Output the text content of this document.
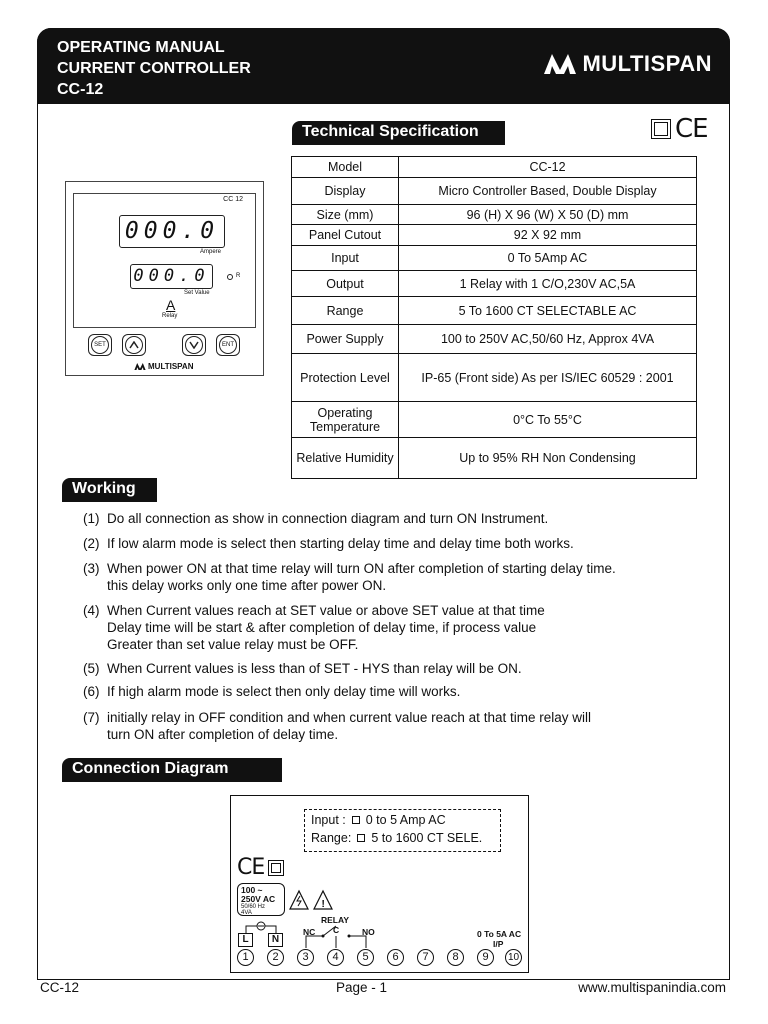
OPERATING MANUAL
CURRENT CONTROLLER
CC-12
MULTISPAN
Technical Specification	CE
Model	CC-12
Display	Micro Controller Based, Double Display
Size (mm)	96 (H) X 96 (W) X 50 (D) mm
Panel Cutout	92 X 92 mm
Input	0 To 5Amp AC
Output	1 Relay with 1 C/O,230V AC,5A
Range	5 To 1600 CT SELECTABLE AC
Power Supply	100 to 250V AC,50/60 Hz, Approx 4VA
Protection Level	IP-65 (Front side) As per IS/IEC 60529 : 2001
Operating Temperature	0°C To 55°C
Relative Humidity	Up to 95% RH Non Condensing
CC 12
000.0
Ampere
000.0
Set Value
R
A
Relay
SET	ENT
MULTISPAN
Working
(1) Do all connection as show in connection diagram and turn ON Instrument.
(2) If low alarm mode is select then starting delay time and delay time both works.
(3) When power ON at that time relay will turn ON after completion of starting delay time.
this delay works only one time after power ON.
(4) When Current values reach at SET value or above SET value at that time
Delay time will be start & after completion of delay time, if process value
Greater than set value relay must be OFF.
(5) When Current values is less than of SET - HYS than relay will be ON.
(6) If high alarm mode is select then only delay time will works.
(7) initially relay in OFF condition and when current value reach at that time relay will
turn ON after completion of delay time.
Connection Diagram
Input : 0 to 5 Amp AC
Range: 5 to 1600 CT SELE.
CE
100 ~
250V AC
50/60 Hz
4VA
!
RELAY
NC C	NO	0 To 5A AC
I/P
L	N
1	2	3	4	5	6	7	8	9	10
CC-12	Page - 1	www.multispanindia.com
